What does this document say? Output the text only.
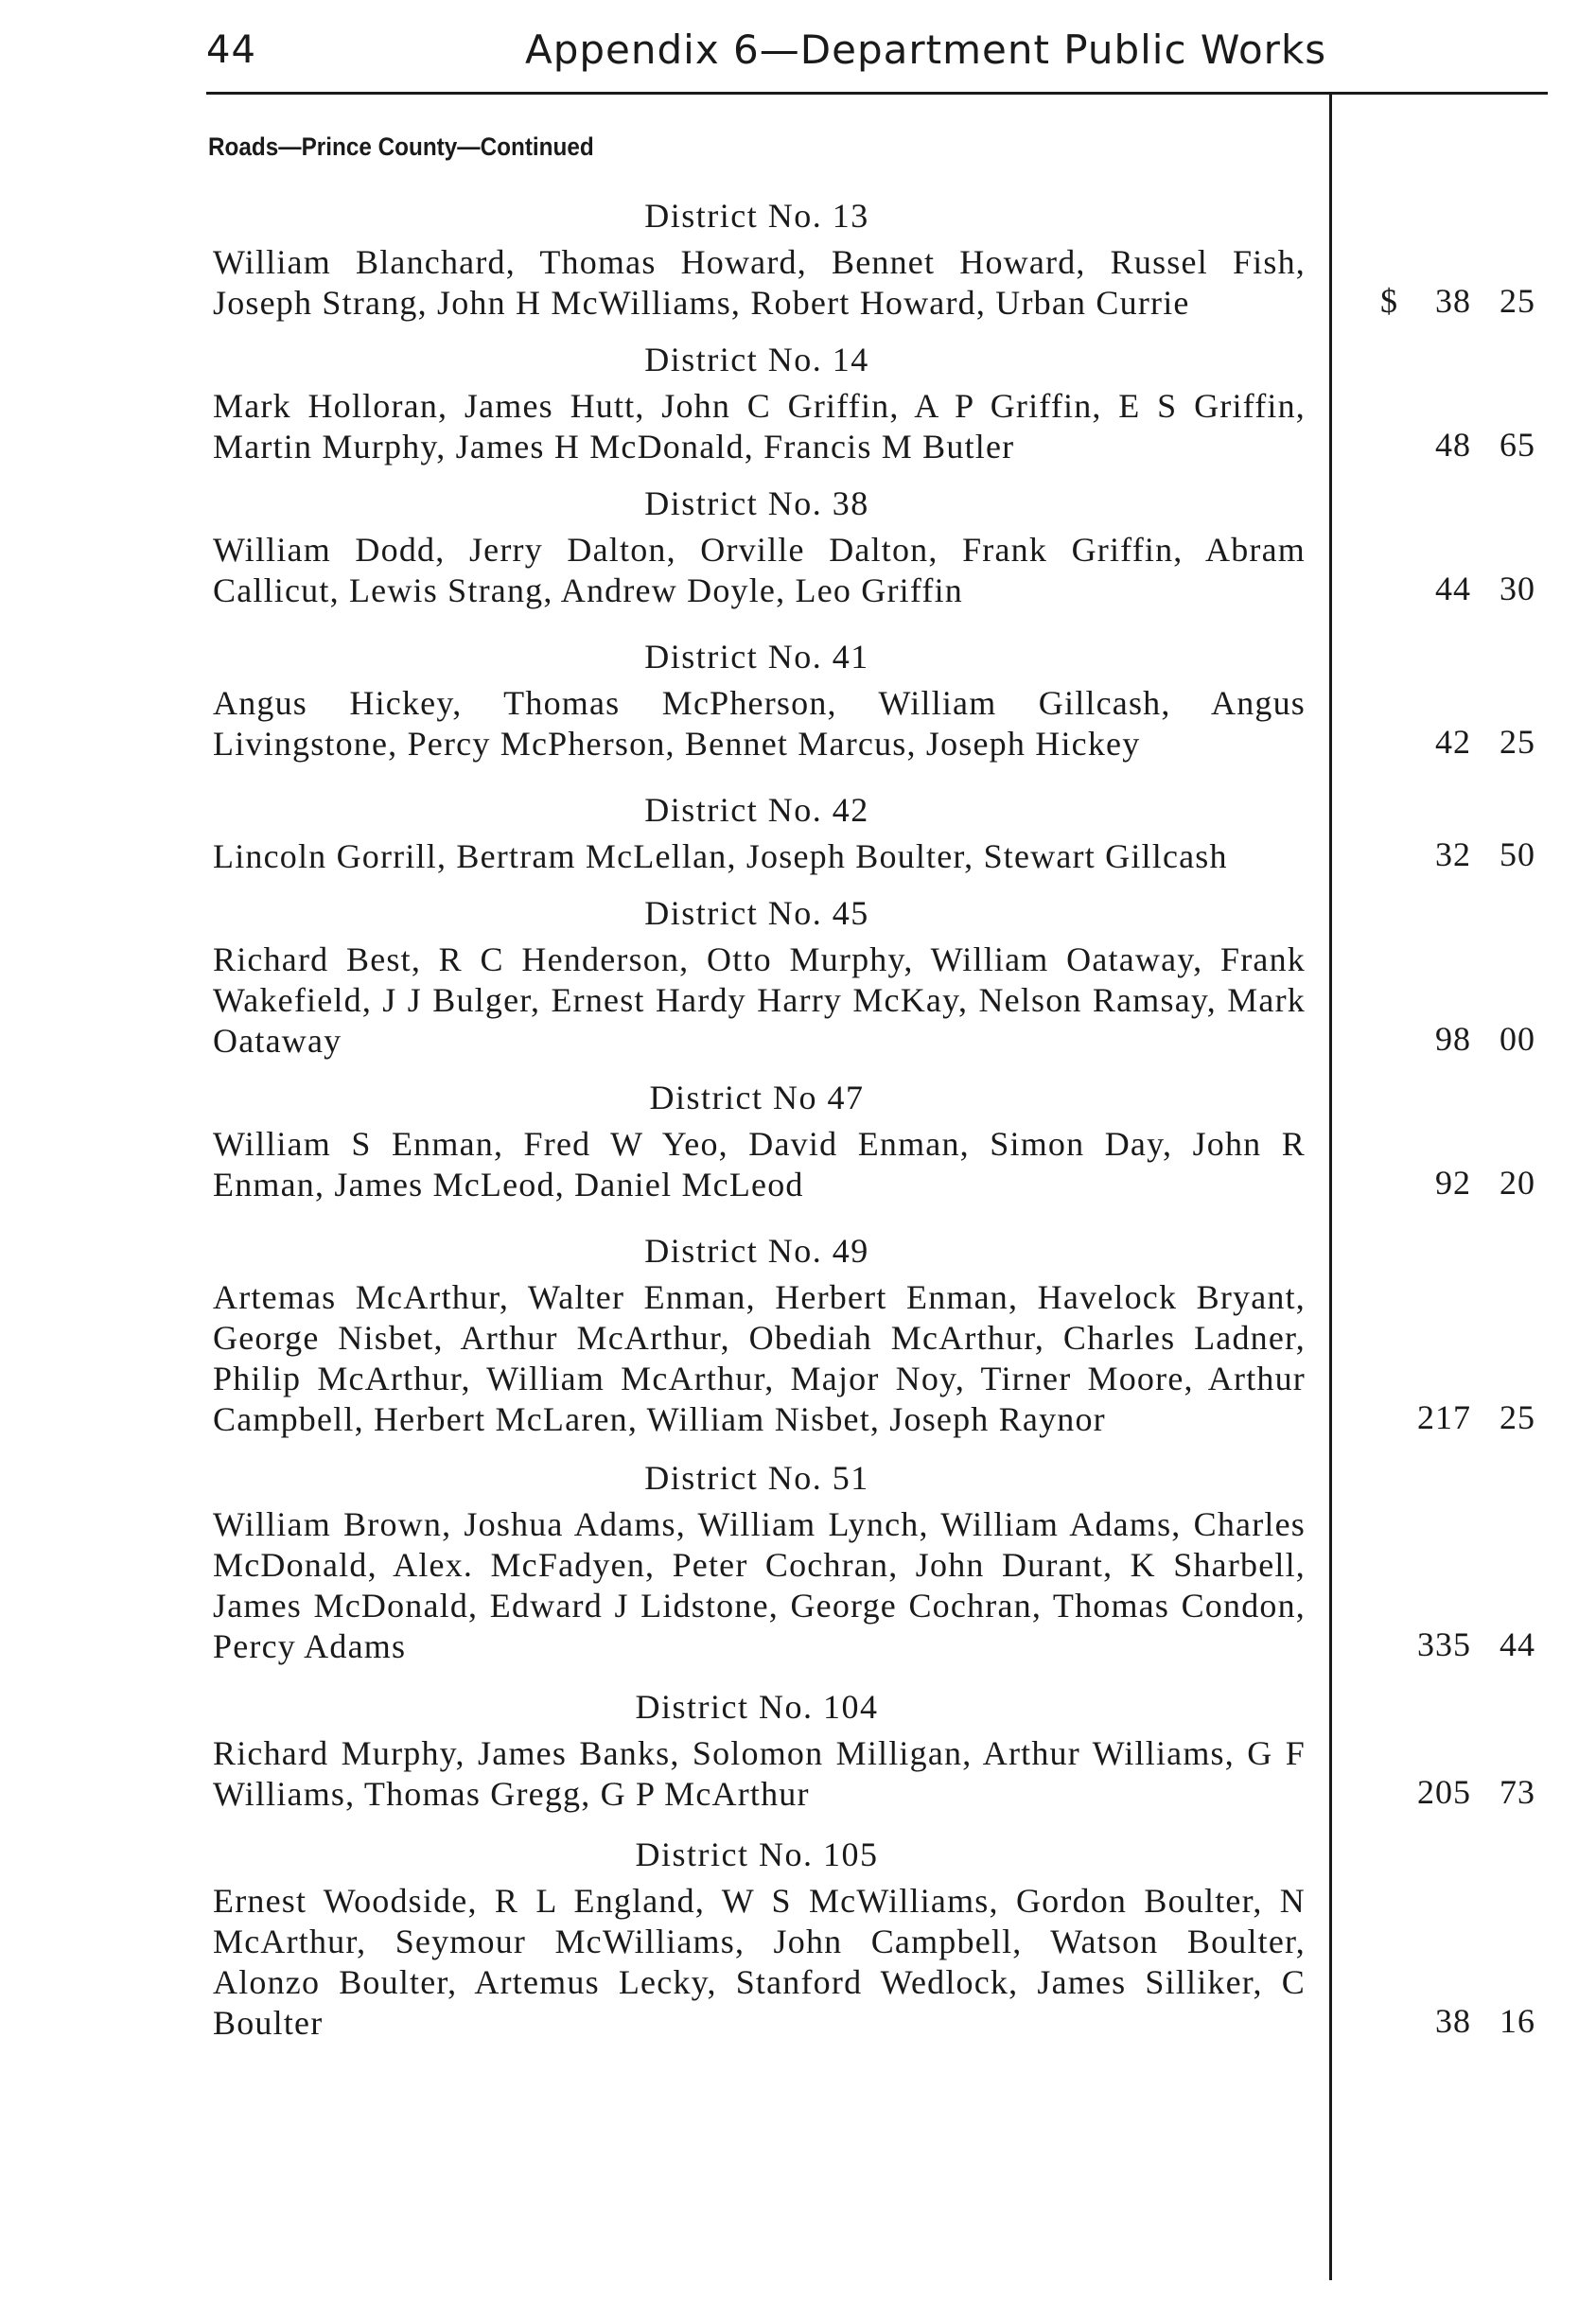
44	Appendix 6—Department Public Works
Roads—Prince County—Continued
District No. 13
William Blanchard, Thomas Howard, Bennet Howard, Russel Fish, Joseph Strang, John H McWilliams, Robert Howard, Urban Currie	$ 38 25
District No. 14
Mark Holloran, James Hutt, John C Griffin, A P Griffin, E S Griffin, Martin Murphy, James H McDonald, Francis M Butler	48 65
District No. 38
William Dodd, Jerry Dalton, Orville Dalton, Frank Griffin, Abram Callicut, Lewis Strang, Andrew Doyle, Leo Griffin	44 30
District No. 41
Angus Hickey, Thomas McPherson, William Gillcash, Angus Livingstone, Percy McPherson, Bennet Marcus, Joseph Hickey	42 25
District No. 42
Lincoln Gorrill, Bertram McLellan, Joseph Boulter, Stewart Gillcash	32 50
District No. 45
Richard Best, R C Henderson, Otto Murphy, William Oataway, Frank Wakefield, J J Bulger, Ernest Hardy Harry McKay, Nelson Ramsay, Mark Oataway	98 00
District No 47
William S Enman, Fred W Yeo, David Enman, Simon Day, John R Enman, James McLeod, Daniel McLeod	92 20
District No. 49
Artemas McArthur, Walter Enman, Herbert Enman, Havelock Bryant, George Nisbet, Arthur McArthur, Obediah McArthur, Charles Ladner, Philip McArthur, William McArthur, Major Noy, Tirner Moore, Arthur Campbell, Herbert McLaren, William Nisbet, Joseph Raynor	217 25
District No. 51
William Brown, Joshua Adams, William Lynch, William Adams, Charles McDonald, Alex. McFadyen, Peter Cochran, John Durant, K Sharbell, James McDonald, Edward J Lidstone, George Cochran, Thomas Condon, Percy Adams	335 44
District No. 104
Richard Murphy, James Banks, Solomon Milligan, Arthur Williams, G F Williams, Thomas Gregg, G P McArthur	205 73
District No. 105
Ernest Woodside, R L England, W S McWilliams, Gordon Boulter, N McArthur, Seymour McWilliams, John Campbell, Watson Boulter, Alonzo Boulter, Artemus Lecky, Stanford Wedlock, James Silliker, C Boulter	38 16
